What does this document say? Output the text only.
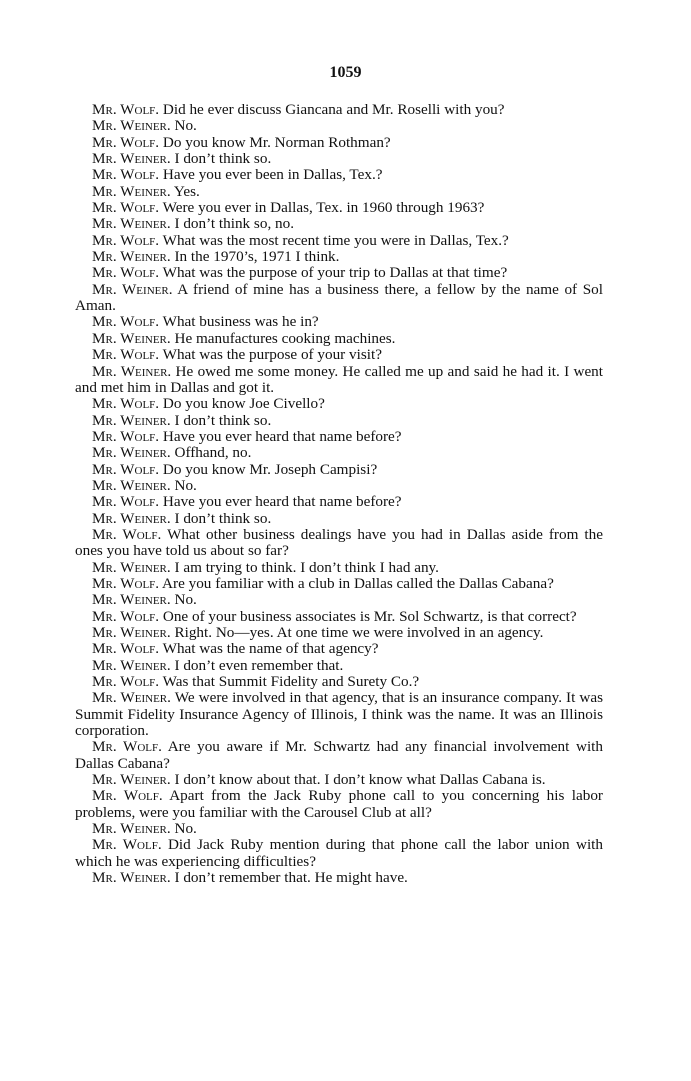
1059

Mr. Wolf. Did he ever discuss Giancana and Mr. Roselli with you?

Mr. Weiner. No.

Mr. Wolf. Do you know Mr. Norman Rothman?

Mr. Weiner. I don’t think so.

Mr. Wolf. Have you ever been in Dallas, Tex.?

Mr. Weiner. Yes.

Mr. Wolf. Were you ever in Dallas, Tex. in 1960 through 1963?

Mr. Weiner. I don’t think so, no.

Mr. Wolf. What was the most recent time you were in Dallas, Tex.?

Mr. Weiner. In the 1970’s, 1971 I think.

Mr. Wolf. What was the purpose of your trip to Dallas at that time?

Mr. Weiner. A friend of mine has a business there, a fellow by the name of Sol Aman.

Mr. Wolf. What business was he in?

Mr. Weiner. He manufactures cooking machines.

Mr. Wolf. What was the purpose of your visit?

Mr. Weiner. He owed me some money. He called me up and said he had it. I went and met him in Dallas and got it.

Mr. Wolf. Do you know Joe Civello?

Mr. Weiner. I don’t think so.

Mr. Wolf. Have you ever heard that name before?

Mr. Weiner. Offhand, no.

Mr. Wolf. Do you know Mr. Joseph Campisi?

Mr. Weiner. No.

Mr. Wolf. Have you ever heard that name before?

Mr. Weiner. I don’t think so.

Mr. Wolf. What other business dealings have you had in Dallas aside from the ones you have told us about so far?

Mr. Weiner. I am trying to think. I don’t think I had any.

Mr. Wolf. Are you familiar with a club in Dallas called the Dallas Cabana?

Mr. Weiner. No.

Mr. Wolf. One of your business associates is Mr. Sol Schwartz, is that correct?

Mr. Weiner. Right. No—yes. At one time we were involved in an agency.

Mr. Wolf. What was the name of that agency?

Mr. Weiner. I don’t even remember that.

Mr. Wolf. Was that Summit Fidelity and Surety Co.?

Mr. Weiner. We were involved in that agency, that is an insurance company. It was Summit Fidelity Insurance Agency of Illinois, I think was the name. It was an Illinois corporation.

Mr. Wolf. Are you aware if Mr. Schwartz had any financial involvement with Dallas Cabana?

Mr. Weiner. I don’t know about that. I don’t know what Dallas Cabana is.

Mr. Wolf. Apart from the Jack Ruby phone call to you concerning his labor problems, were you familiar with the Carousel Club at all?

Mr. Weiner. No.

Mr. Wolf. Did Jack Ruby mention during that phone call the labor union with which he was experiencing difficulties?

Mr. Weiner. I don’t remember that. He might have.
